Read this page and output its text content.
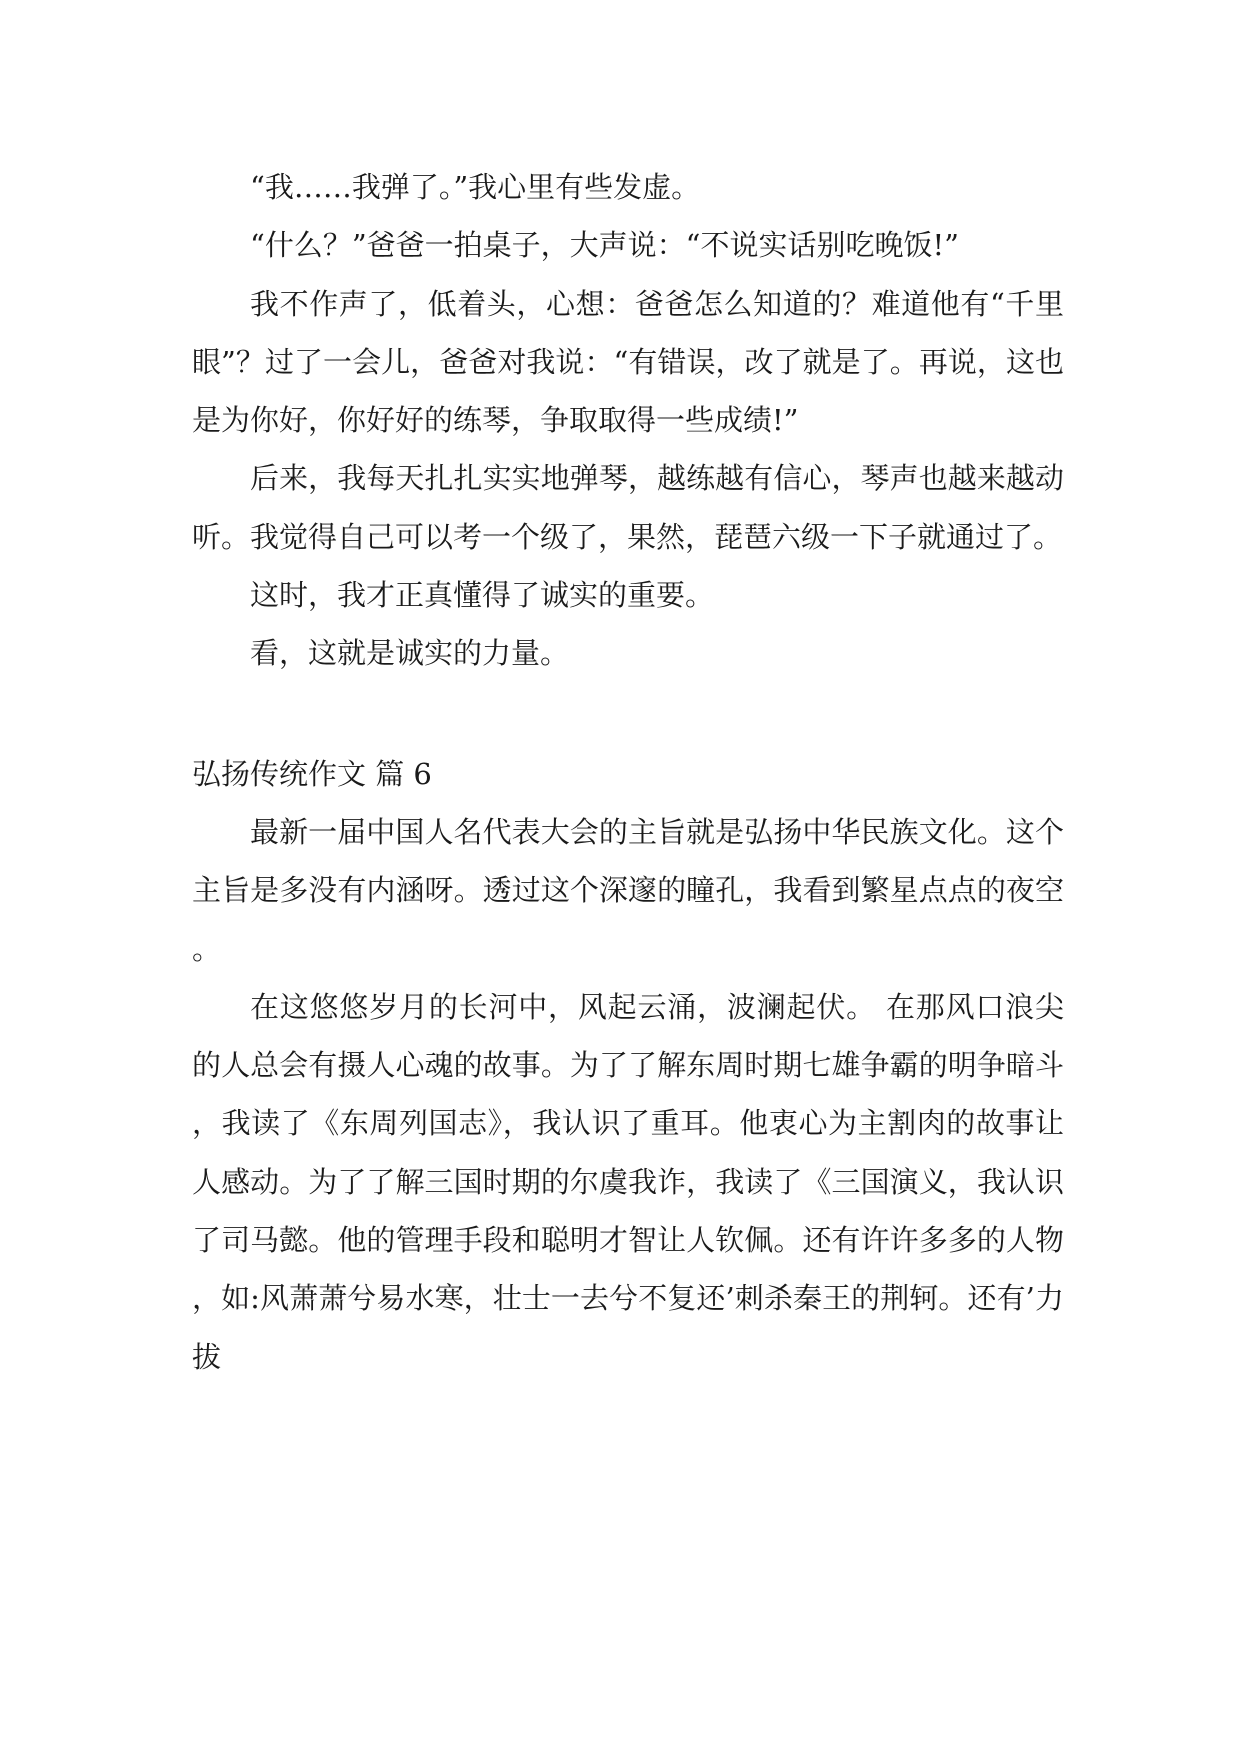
“我……我弹了。”我心里有些发虚。

“什么？”爸爸一拍桌子，大声说：“不说实话别吃晚饭!”

我不作声了，低着头，心想：爸爸怎么知道的？难道他有“千里眼”？过了一会儿，爸爸对我说：“有错误，改了就是了。再说，这也是为你好，你好好的练琴，争取取得一些成绩!”

后来，我每天扎扎实实地弹琴，越练越有信心，琴声也越来越动听。我觉得自己可以考一个级了，果然，琵琶六级一下子就通过了。

这时，我才正真懂得了诚实的重要。

看，这就是诚实的力量。

弘扬传统作文 篇 6

最新一届中国人名代表大会的主旨就是弘扬中华民族文化。这个主旨是多没有内涵呀。透过这个深邃的瞳孔，我看到繁星点点的夜空。

在这悠悠岁月的长河中，风起云涌，波澜起伏。 在那风口浪尖的人总会有摄人心魂的故事。为了了解东周时期七雄争霸的明争暗斗，我读了《东周列国志》，我认识了重耳。他衷心为主割肉的故事让人感动。为了了解三国时期的尔虞我诈，我读了《三国演义，我认识了司马懿。他的管理手段和聪明才智让人钦佩。还有许许多多的人物，如:风萧萧兮易水寒，壮士一去兮不复还’刺杀秦王的荆轲。还有’力拔
